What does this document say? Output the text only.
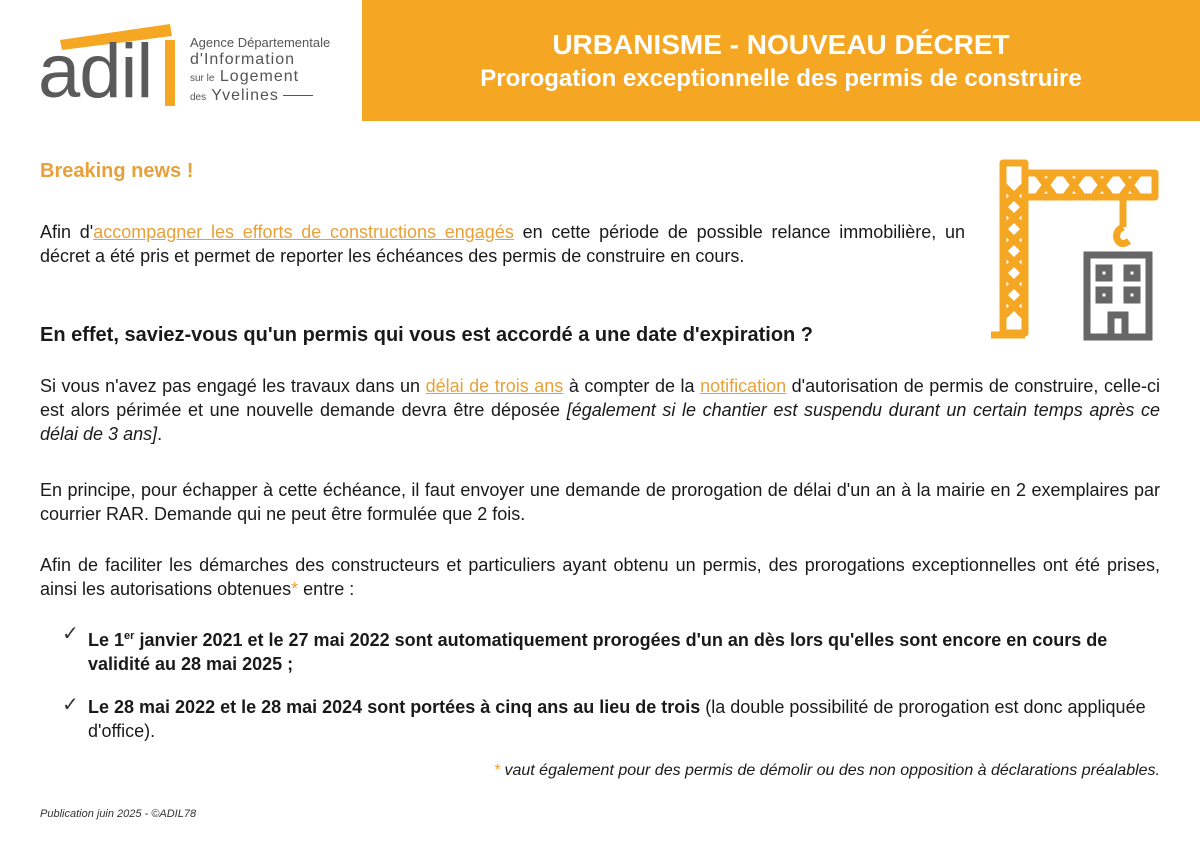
adil	Agence Départementale
d'Information
sur le Logement
des Yvelines
URBANISME - NOUVEAU DÉCRET
Prorogation exceptionnelle des permis de construire
Breaking news !

Afin d'accompagner les efforts de constructions engagés en cette période de possible relance immobilière, un décret a été pris et permet de reporter les échéances des permis de construire en cours.

En effet, saviez-vous qu'un permis qui vous est accordé a une date d'expiration ?

Si vous n'avez pas engagé les travaux dans un délai de trois ans à compter de la notification d'autorisation de permis de construire, celle-ci est alors périmée et une nouvelle demande devra être déposée [également si le chantier est suspendu durant un certain temps après ce délai de 3 ans].

En principe, pour échapper à cette échéance, il faut envoyer une demande de prorogation de délai d'un an à la mairie en 2 exemplaires par courrier RAR. Demande qui ne peut être formulée que 2 fois.

Afin de faciliter les démarches des constructeurs et particuliers ayant obtenu un permis, des prorogations exceptionnelles ont été prises, ainsi les autorisations obtenues* entre :

✓ Le 1er janvier 2021 et le 27 mai 2022 sont automatiquement prorogées d'un an dès lors qu'elles sont encore en cours de validité au 28 mai 2025 ;
✓ Le 28 mai 2022 et le 28 mai 2024 sont portées à cinq ans au lieu de trois (la double possibilité de prorogation est donc appliquée d'office).
* vaut également pour des permis de démolir ou des non opposition à déclarations préalables.
Publication juin 2025 - ©ADIL78
